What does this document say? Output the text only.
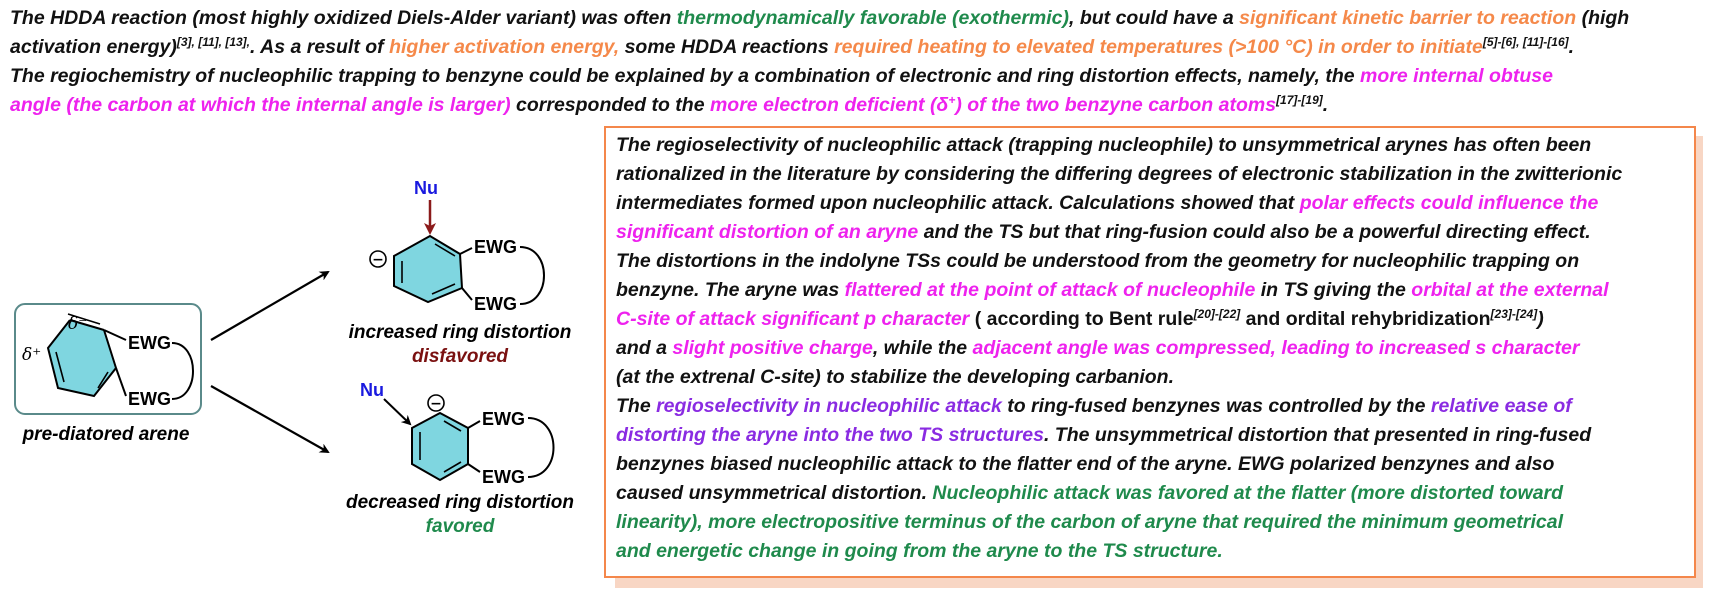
The HDDA reaction (most highly oxidized Diels-Alder variant) was often thermodynamically favorable (exothermic), but could have a significant kinetic barrier to reaction (high
activation energy)$^{[3], [11], [13],}$. As a result of higher activation energy, some HDDA reactions required heating to elevated temperatures (>100 °C) in order to initiate[5]-[6], [11]-[16].
The regiochemistry of nucleophilic trapping to benzyne could be explained by a combination of electronic and ring distortion effects, namely, the more internal obtuse
angle (the carbon at which the internal angle is larger) corresponded to the more electron deficient (δ+) of the two benzyne carbon atoms[17]-[19].
The regioselectivity of nucleophilic attack (trapping nucleophile) to unsymmetrical arynes has often been
rationalized in the literature by considering the differing degrees of electronic stabilization in the zwitterionic
intermediates formed upon nucleophilic attack. Calculations showed that polar effects could influence the
significant distortion of an aryne and the TS but that ring-fusion could also be a powerful directing effect.
The distortions in the indolyne TSs could be understood from the geometry for nucleophilic trapping on
benzyne. The aryne was flattered at the point of attack of nucleophile in TS giving the orbital at the external
C-site of attack significant p character ( according to Bent rule[20]-[22] and ordital rehybridization[23]-[24])
and a slight positive charge, while the adjacent angle was compressed, leading to increased s character
(at the extrenal C-site) to stabilize the developing carbanion.
The regioselectivity in nucleophilic attack to ring-fused benzynes was controlled by the relative ease of
distorting the aryne into the two TS structures. The unsymmetrical distortion that presented in ring-fused
benzynes biased nucleophilic attack to the flatter end of the aryne. EWG polarized benzynes and also
caused unsymmetrical distortion. Nucleophilic attack was favored at the flatter (more distorted toward
linearity), more electropositive terminus of the carbon of aryne that required the minimum geometrical
and energetic change in going from the aryne to the TS structure.
EWG
EWG
δ⁻
δ⁺
pre-diatored arene
Nu
−
EWG
EWG
increased ring distortion
disfavored
Nu
−
EWG
EWG
decreased ring distortion
favored
